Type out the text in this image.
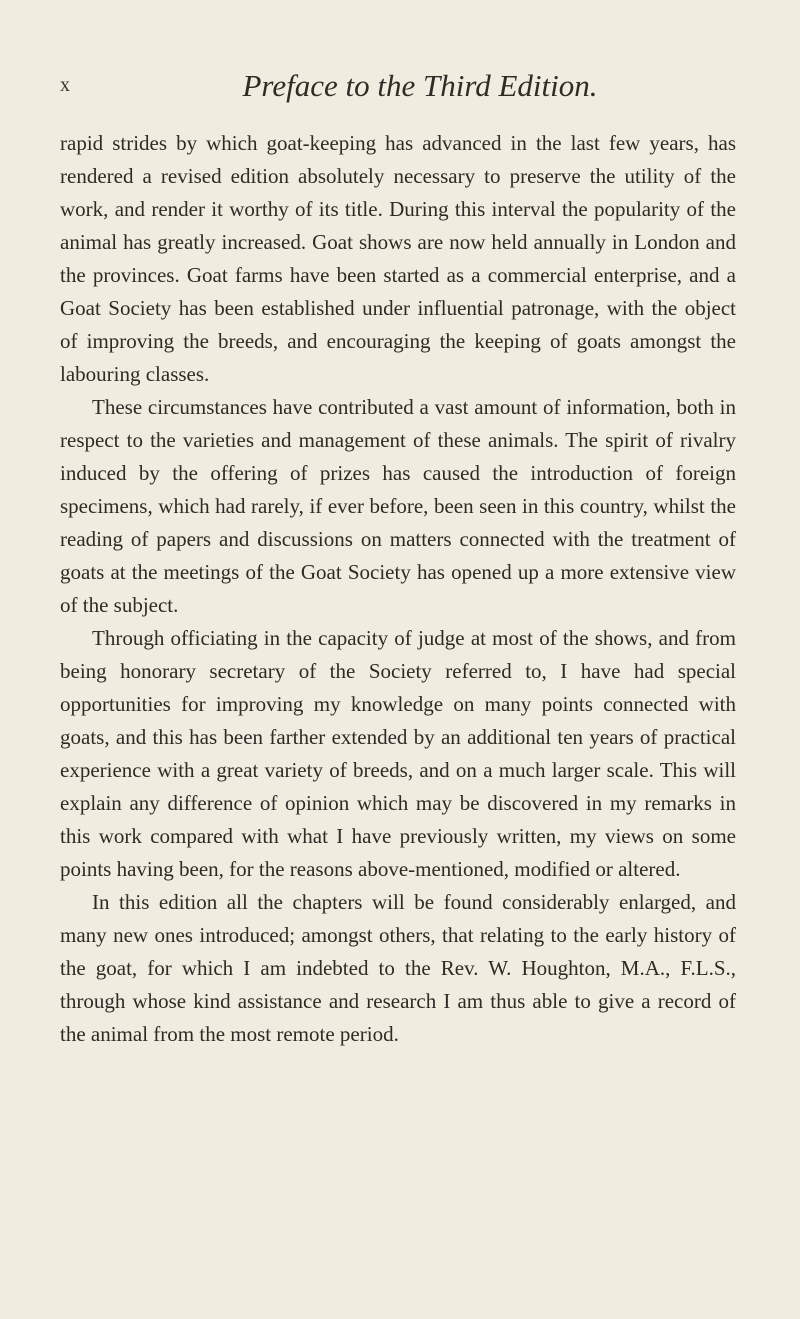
x	Preface to the Third Edition.

rapid strides by which goat-keeping has advanced in the last few years, has rendered a revised edition absolutely necessary to preserve the utility of the work, and render it worthy of its title. During this interval the popularity of the animal has greatly increased. Goat shows are now held annually in London and the provinces. Goat farms have been started as a commercial enterprise, and a Goat Society has been established under influential patronage, with the object of improving the breeds, and encouraging the keeping of goats amongst the labouring classes.

These circumstances have contributed a vast amount of information, both in respect to the varieties and management of these animals. The spirit of rivalry induced by the offering of prizes has caused the introduction of foreign specimens, which had rarely, if ever before, been seen in this country, whilst the reading of papers and discussions on matters connected with the treatment of goats at the meetings of the Goat Society has opened up a more extensive view of the subject.

Through officiating in the capacity of judge at most of the shows, and from being honorary secretary of the Society referred to, I have had special opportunities for improving my knowledge on many points connected with goats, and this has been farther extended by an additional ten years of practical experience with a great variety of breeds, and on a much larger scale. This will explain any difference of opinion which may be discovered in my remarks in this work compared with what I have previously written, my views on some points having been, for the reasons above-mentioned, modified or altered.

In this edition all the chapters will be found considerably enlarged, and many new ones introduced; amongst others, that relating to the early history of the goat, for which I am indebted to the Rev. W. Houghton, M.A., F.L.S., through whose kind assistance and research I am thus able to give a record of the animal from the most remote period.
